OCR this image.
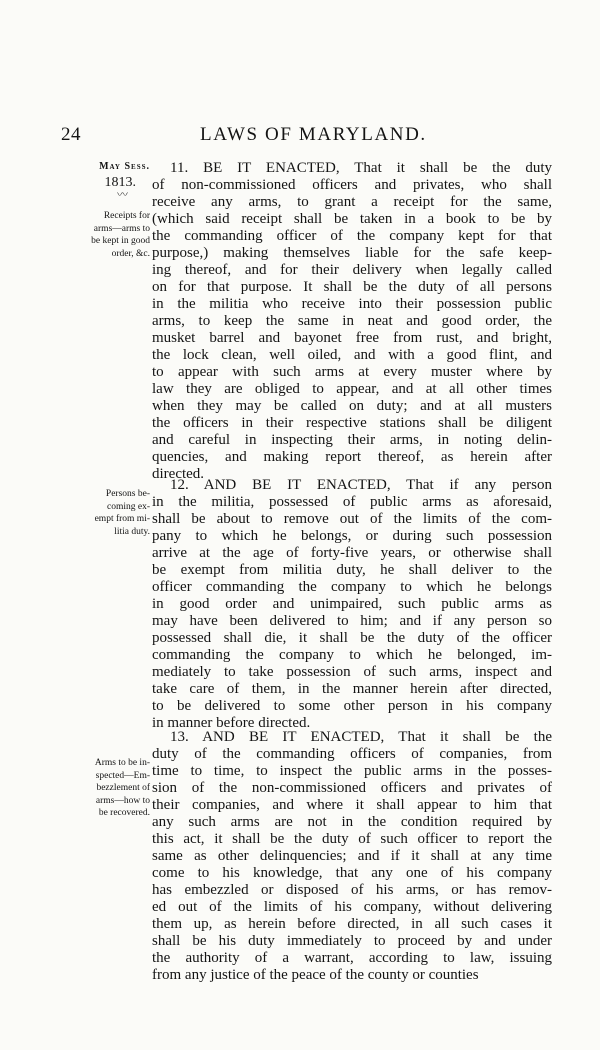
24	LAWS OF MARYLAND.
May Sess.
1813.
〰
Receipts for
arms—arms to
be kept in good
order, &c.
Persons be-
coming ex-
empt from mi-
litia duty.
Arms to be in-
spected—Em-
bezzlement of
arms—how to
be recovered.
11. BE IT ENACTED, That it shall be the duty
of non-commissioned officers and privates, who shall
receive any arms, to grant a receipt for the same,
(which said receipt shall be taken in a book to be by
the commanding officer of the company kept for that
purpose,) making themselves liable for the safe keep-
ing thereof, and for their delivery when legally called
on for that purpose. It shall be the duty of all persons
in the militia who receive into their possession public
arms, to keep the same in neat and good order, the
musket barrel and bayonet free from rust, and bright,
the lock clean, well oiled, and with a good flint, and
to appear with such arms at every muster where by
law they are obliged to appear, and at all other times
when they may be called on duty; and at all musters
the officers in their respective stations shall be diligent
and careful in inspecting their arms, in noting delin-
quencies, and making report thereof, as herein after
directed.
12. AND BE IT ENACTED, That if any person
in the militia, possessed of public arms as aforesaid,
shall be about to remove out of the limits of the com-
pany to which he belongs, or during such possession
arrive at the age of forty-five years, or otherwise shall
be exempt from militia duty, he shall deliver to the
officer commanding the company to which he belongs
in good order and unimpaired, such public arms as
may have been delivered to him; and if any person so
possessed shall die, it shall be the duty of the officer
commanding the company to which he belonged, im-
mediately to take possession of such arms, inspect and
take care of them, in the manner herein after directed,
to be delivered to some other person in his company
in manner before directed.
13. AND BE IT ENACTED, That it shall be the
duty of the commanding officers of companies, from
time to time, to inspect the public arms in the posses-
sion of the non-commissioned officers and privates of
their companies, and where it shall appear to him that
any such arms are not in the condition required by
this act, it shall be the duty of such officer to report the
same as other delinquencies; and if it shall at any time
come to his knowledge, that any one of his company
has embezzled or disposed of his arms, or has remov-
ed out of the limits of his company, without delivering
them up, as herein before directed, in all such cases it
shall be his duty immediately to proceed by and under
the authority of a warrant, according to law, issuing
from any justice of the peace of the county or counties
